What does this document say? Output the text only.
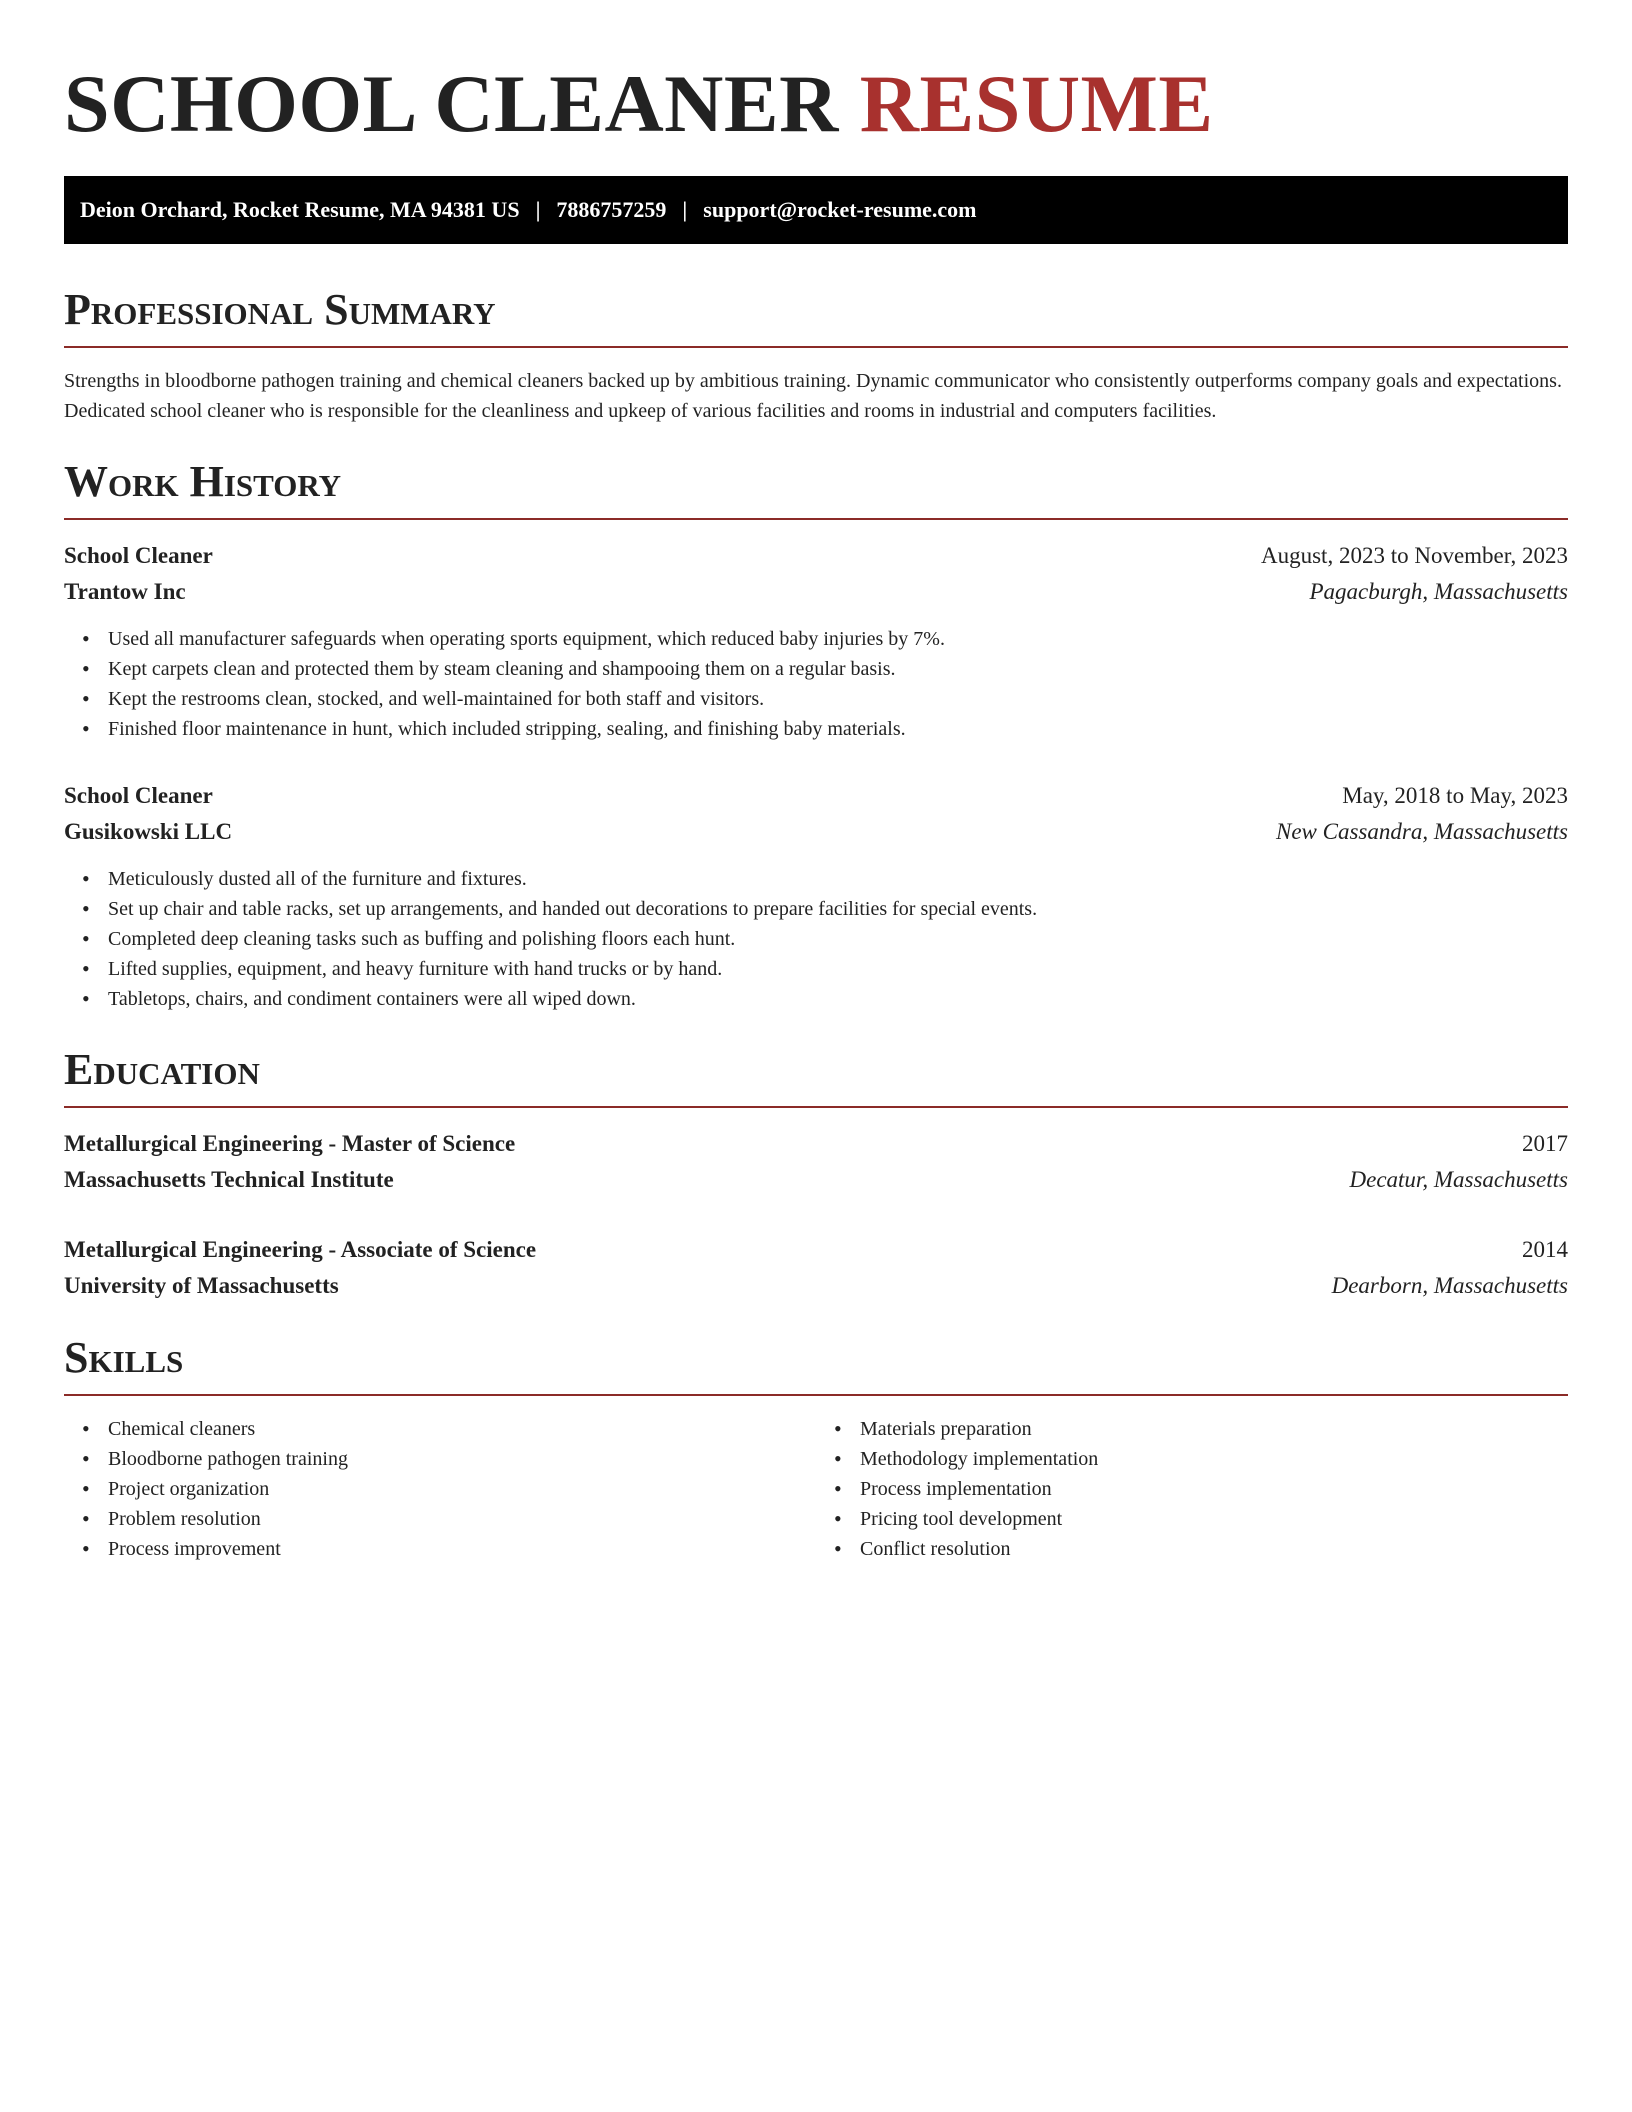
SCHOOL CLEANER RESUME
Deion Orchard, Rocket Resume, MA 94381 US | 7886757259 | support@rocket-resume.com
Professional Summary

Strengths in bloodborne pathogen training and chemical cleaners backed up by ambitious training. Dynamic communicator who consistently outperforms company goals and expectations. Dedicated school cleaner who is responsible for the cleanliness and upkeep of various facilities and rooms in industrial and computers facilities.

Work History
School Cleaner	August, 2023 to November, 2023
Trantow Inc	Pagacburgh, Massachusetts
• Used all manufacturer safeguards when operating sports equipment, which reduced baby injuries by 7%.
• Kept carpets clean and protected them by steam cleaning and shampooing them on a regular basis.
• Kept the restrooms clean, stocked, and well-maintained for both staff and visitors.
• Finished floor maintenance in hunt, which included stripping, sealing, and finishing baby materials.
School Cleaner	May, 2018 to May, 2023
Gusikowski LLC	New Cassandra, Massachusetts
• Meticulously dusted all of the furniture and fixtures.
• Set up chair and table racks, set up arrangements, and handed out decorations to prepare facilities for special events.
• Completed deep cleaning tasks such as buffing and polishing floors each hunt.
• Lifted supplies, equipment, and heavy furniture with hand trucks or by hand.
• Tabletops, chairs, and condiment containers were all wiped down.
Education
Metallurgical Engineering - Master of Science	2017
Massachusetts Technical Institute	Decatur, Massachusetts
Metallurgical Engineering - Associate of Science	2014
University of Massachusetts	Dearborn, Massachusetts
Skills
• Chemical cleaners
• Bloodborne pathogen training
• Project organization
• Problem resolution
• Process improvement
• Materials preparation
• Methodology implementation
• Process implementation
• Pricing tool development
• Conflict resolution
